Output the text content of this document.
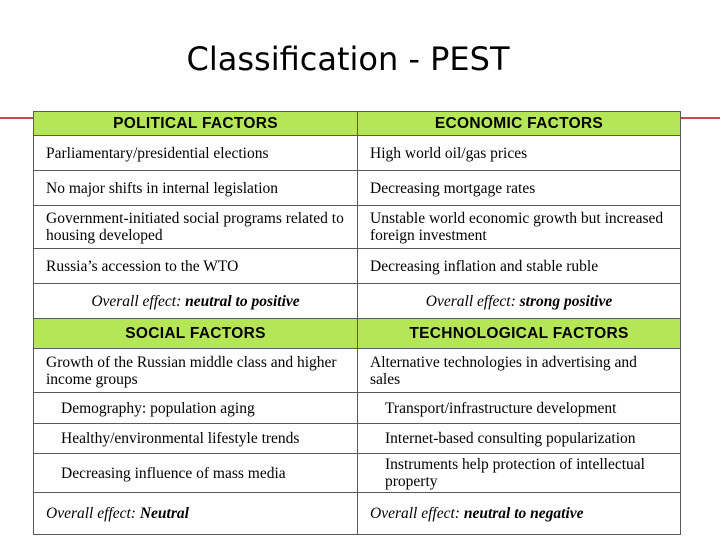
Classification - PEST
POLITICAL FACTORS	ECONOMIC FACTORS
Parliamentary/presidential elections	High world oil/gas prices
No major shifts in internal legislation	Decreasing mortgage rates
Government-initiated social programs related to housing developed	Unstable world economic growth but increased foreign investment
Russia’s accession to the WTO	Decreasing inflation and stable ruble
Overall effect: neutral to positive	Overall effect: strong positive
SOCIAL FACTORS	TECHNOLOGICAL FACTORS
Growth of the Russian middle class and higher income groups	Alternative technologies in advertising and sales
Demography: population aging	Transport/infrastructure development
Healthy/environmental lifestyle trends	Internet-based consulting popularization
Decreasing influence of mass media	Instruments help protection of intellectual property
Overall effect: Neutral	Overall effect: neutral to negative
